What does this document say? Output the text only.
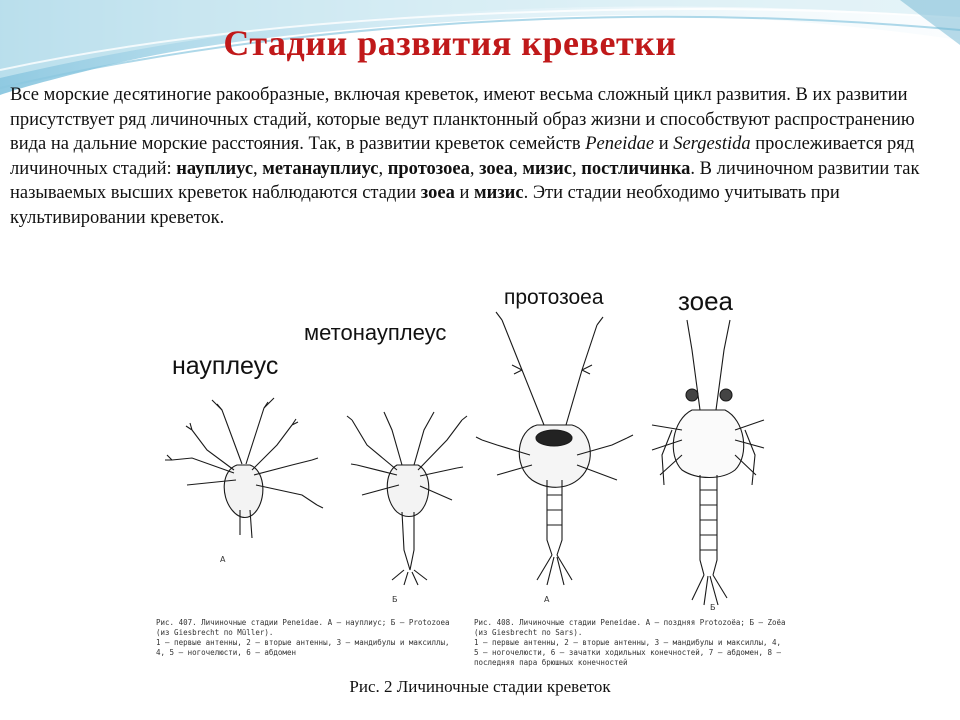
Стадии развития креветки
Все морские десятиногие ракообразные, включая креветок, имеют весьма сложный цикл развития. В их развитии присутствует ряд личиночных стадий, которые ведут планктонный образ жизни и способствуют распространению вида на дальние морские расстояния. Так, в развитии креветок семейств Peneidae и Sergestida прослеживается ряд личиночных стадий: науплиус, метанауплиус, протозоеа, зоеа, мизис, постличинка. В личиночном развитии так называемых высших креветок наблюдаются стадии зоеа и мизис. Эти стадии необходимо учитывать при культивировании креветок.
науплеус
метонауплеус
протозоеа	зоеа
А
Б	А
Б
Рис. 407. Личиночные стадии Peneidae. А — науплиус; Б — Protozoea (из Giesbrecht по Müller).
1 — первые антенны, 2 — вторые антенны, 3 — мандибулы и максиллы, 4, 5 — ногочелюсти, 6 — абдомен
Рис. 408. Личиночные стадии Peneidae. А — поздняя Protozoëa; Б — Zoëa (из Giesbrecht по Sars).
1 — первые антенны, 2 — вторые антенны, 3 — мандибулы и максиллы, 4, 5 — ногочелюсти, 6 — зачатки ходильных конечностей, 7 — абдомен, 8 — последняя пара брюшных конечностей
Рис. 2 Личиночные стадии креветок
